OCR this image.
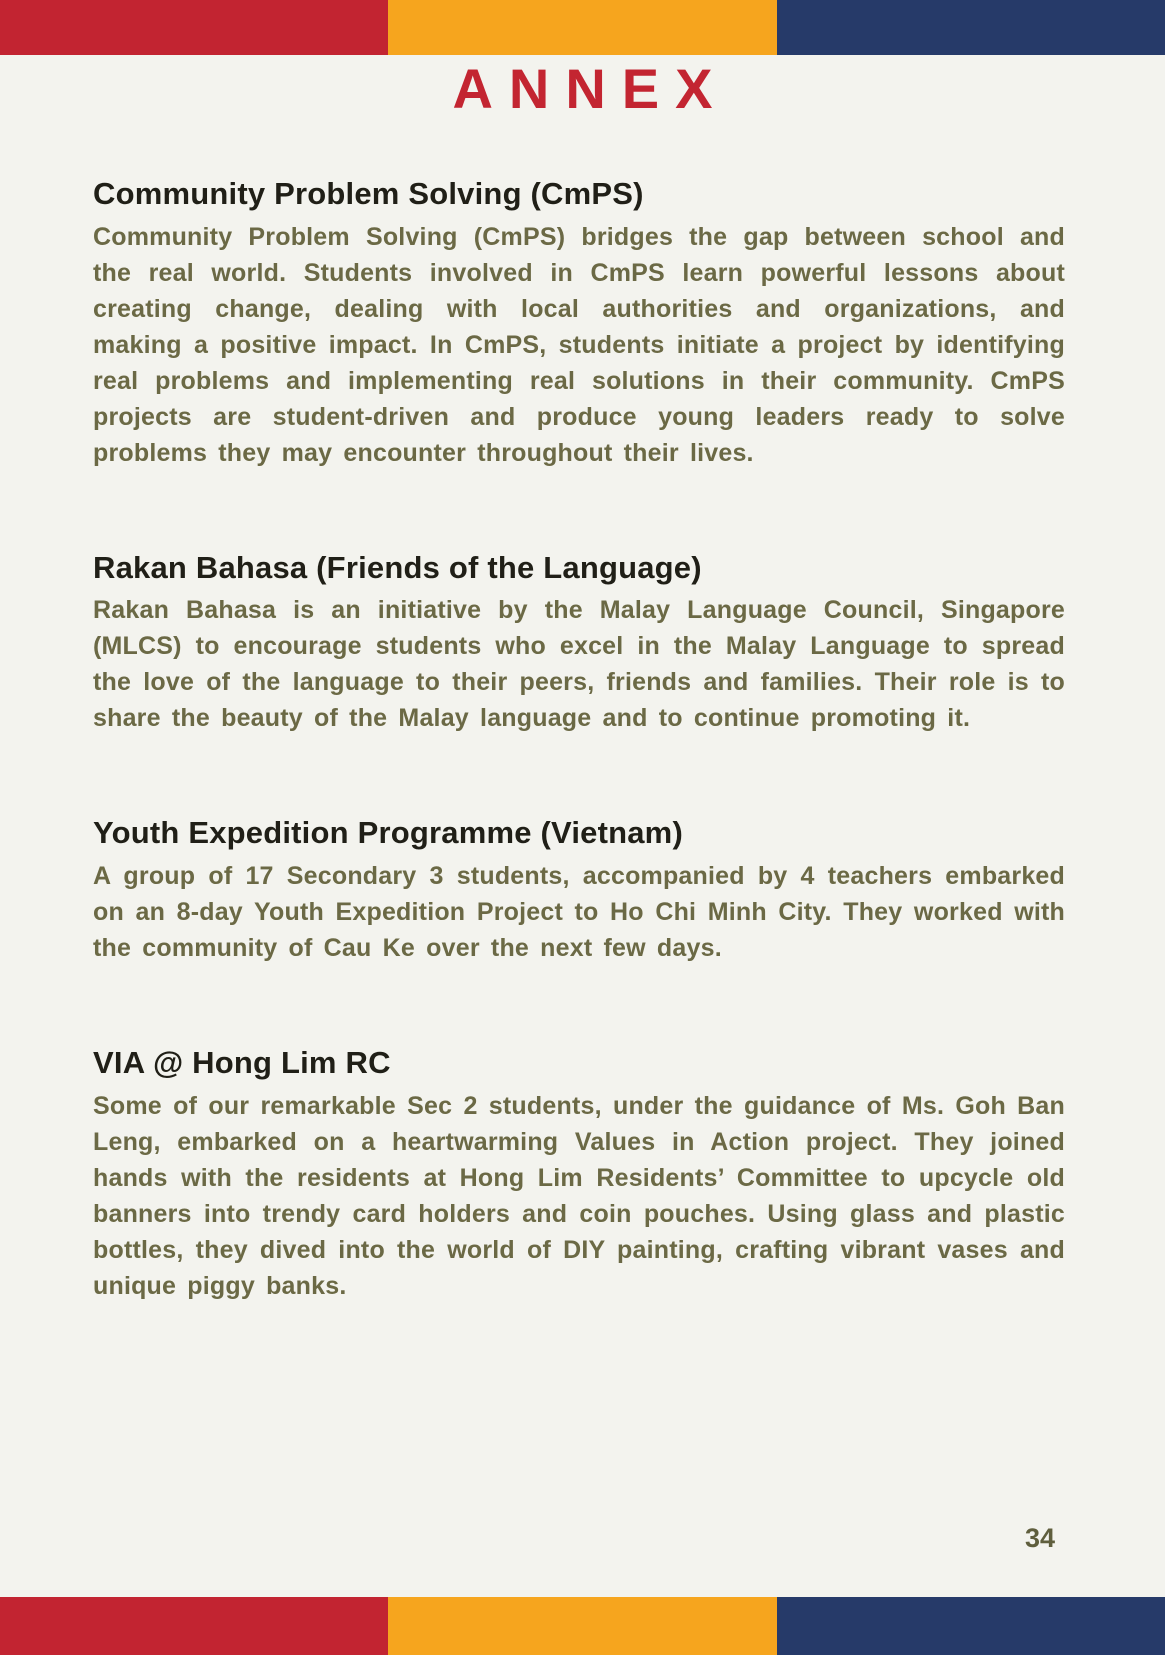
ANNEX
Community Problem Solving (CmPS)

Community Problem Solving (CmPS) bridges the gap between school and the real world. Students involved in CmPS learn powerful lessons about creating change, dealing with local authorities and organizations, and making a positive impact. In CmPS, students initiate a project by identifying real problems and implementing real solutions in their community. CmPS projects are student-driven and produce young leaders ready to solve problems they may encounter throughout their lives.

Rakan Bahasa (Friends of the Language)

Rakan Bahasa is an initiative by the Malay Language Council, Singapore (MLCS) to encourage students who excel in the Malay Language to spread the love of the language to their peers, friends and families. Their role is to share the beauty of the Malay language and to continue promoting it.

Youth Expedition Programme (Vietnam)

A group of 17 Secondary 3 students, accompanied by 4 teachers embarked on an 8-day Youth Expedition Project to Ho Chi Minh City. They worked with the community of Cau Ke over the next few days.

VIA @ Hong Lim RC

Some of our remarkable Sec 2 students, under the guidance of Ms. Goh Ban Leng, embarked on a heartwarming Values in Action project. They joined hands with the residents at Hong Lim Residents’ Committee to upcycle old banners into trendy card holders and coin pouches. Using glass and plastic bottles, they dived into the world of DIY painting, crafting vibrant vases and unique piggy banks.

34
